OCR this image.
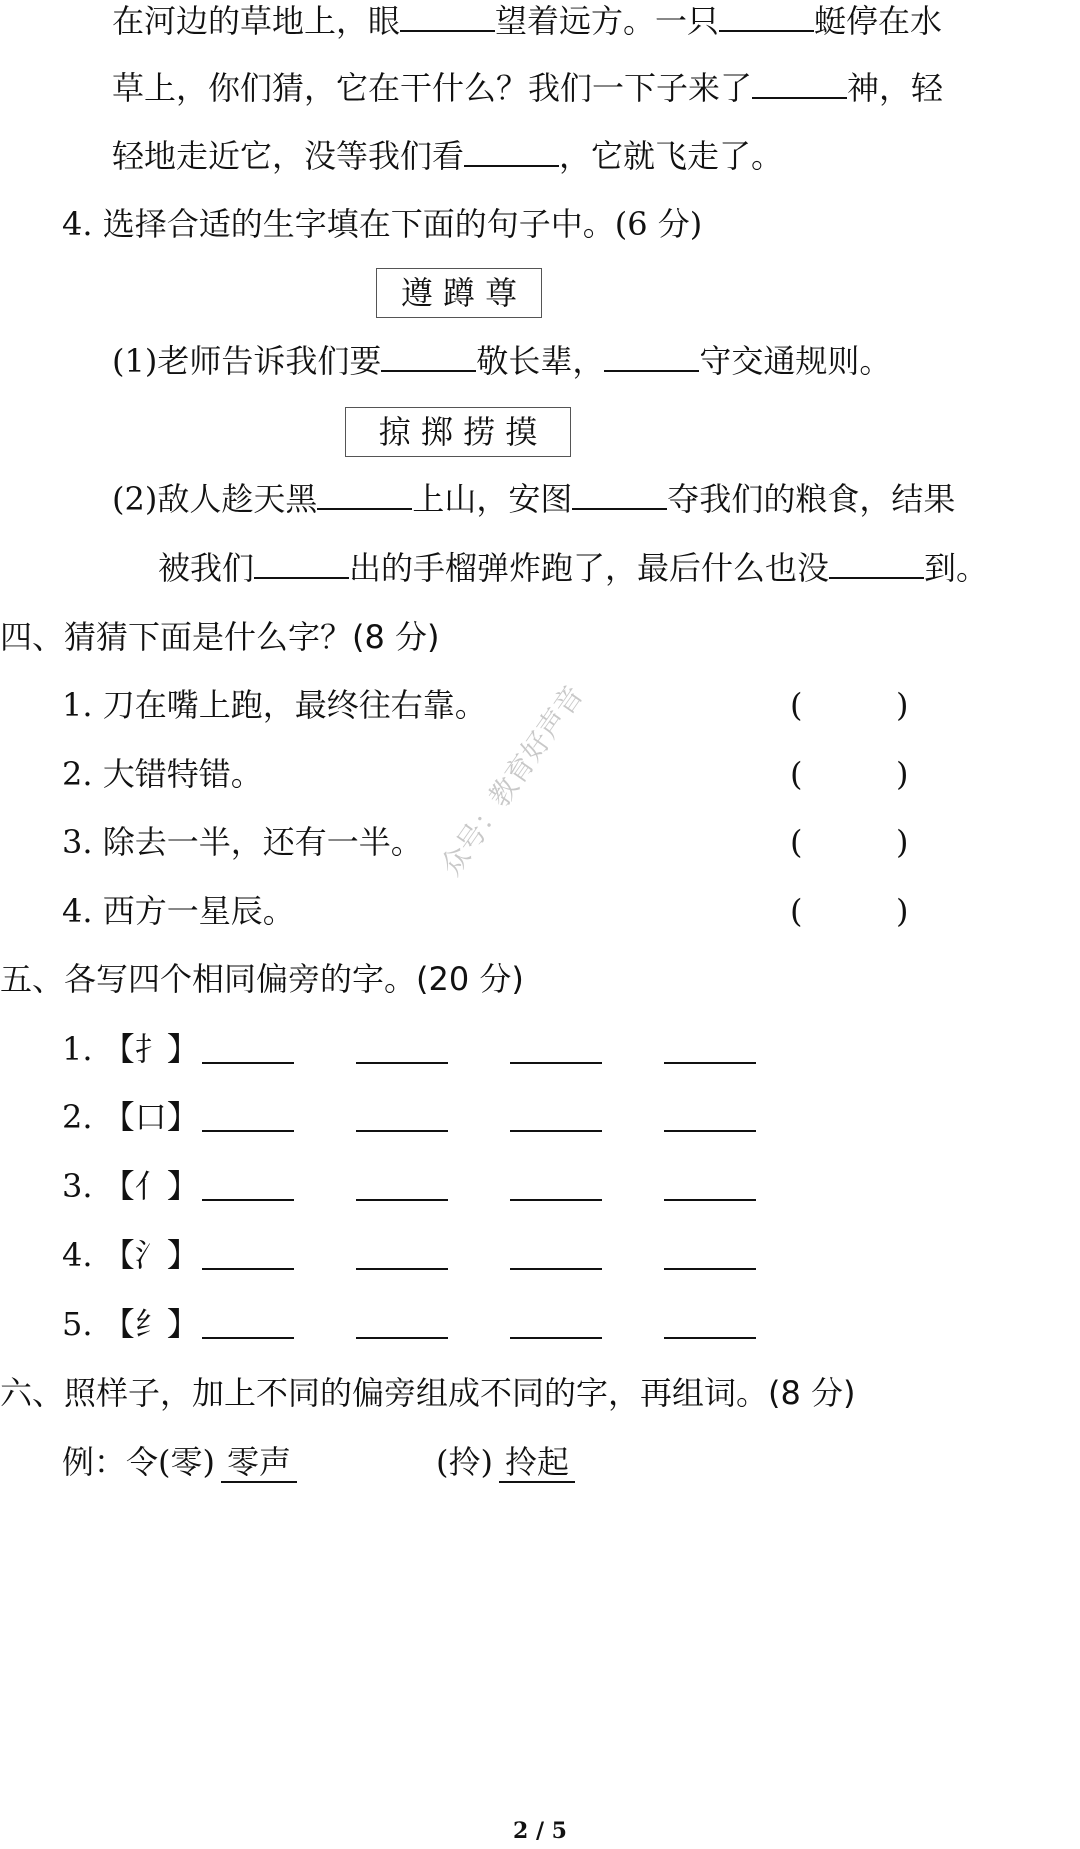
在河边的草地上，眼	望着远方。一只	蜓停在水
草上，你们猜，它在干什么？我们一下子来了	神，轻
轻地走近它，没等我们看	，它就飞走了。
4. 选择合适的生字填在下面的句子中。(6 分)
遵 蹲 尊
(1)老师告诉我们要	敬长辈，	守交通规则。
掠 掷 捞 摸
(2)敌人趁天黑	上山，安图	夺我们的粮食，结果
被我们	出的手榴弹炸跑了，最后什么也没	到。
四、猜猜下面是什么字？(8 分)
1. 刀在嘴上跑，最终往右靠。	(	)
2. 大错特错。	(	)
3. 除去一半，还有一半。	(	)
4. 西方一星辰。	(	)
五、各写四个相同偏旁的字。(20 分)
1. 【扌】
2. 【口】
3. 【亻】
4. 【氵】
5. 【纟】
六、照样子，加上不同的偏旁组成不同的字，再组词。(8 分)
例：令(零) 零声	(拎) 拎起
众号：教育好声音
2 / 5
